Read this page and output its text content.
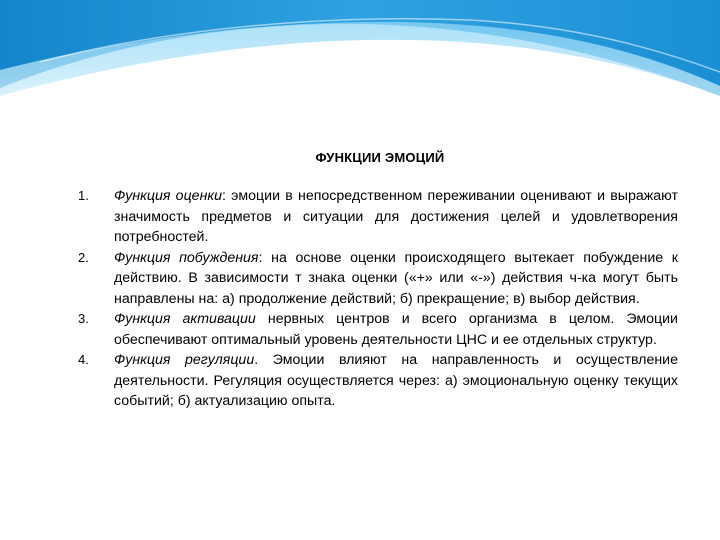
ФУНКЦИИ ЭМОЦИЙ
1. Функция оценки: эмоции в непосредственном переживании оценивают и выражают значимость предметов и ситуации для достижения целей и удовлетворения потребностей.
2. Функция побуждения: на основе оценки происходящего вытекает побуждение к действию. В зависимости т знака оценки («+» или «-») действия ч-ка могут быть направлены на: а) продолжение действий; б) прекращение; в) выбор действия.
3. Функция активации нервных центров и всего организма в целом. Эмоции обеспечивают оптимальный уровень деятельности ЦНС и ее отдельных структур.
4. Функция регуляции. Эмоции влияют на направленность и осуществление деятельности. Регуляция осуществляется через: а) эмоциональную оценку текущих событий; б) актуализацию опыта.
